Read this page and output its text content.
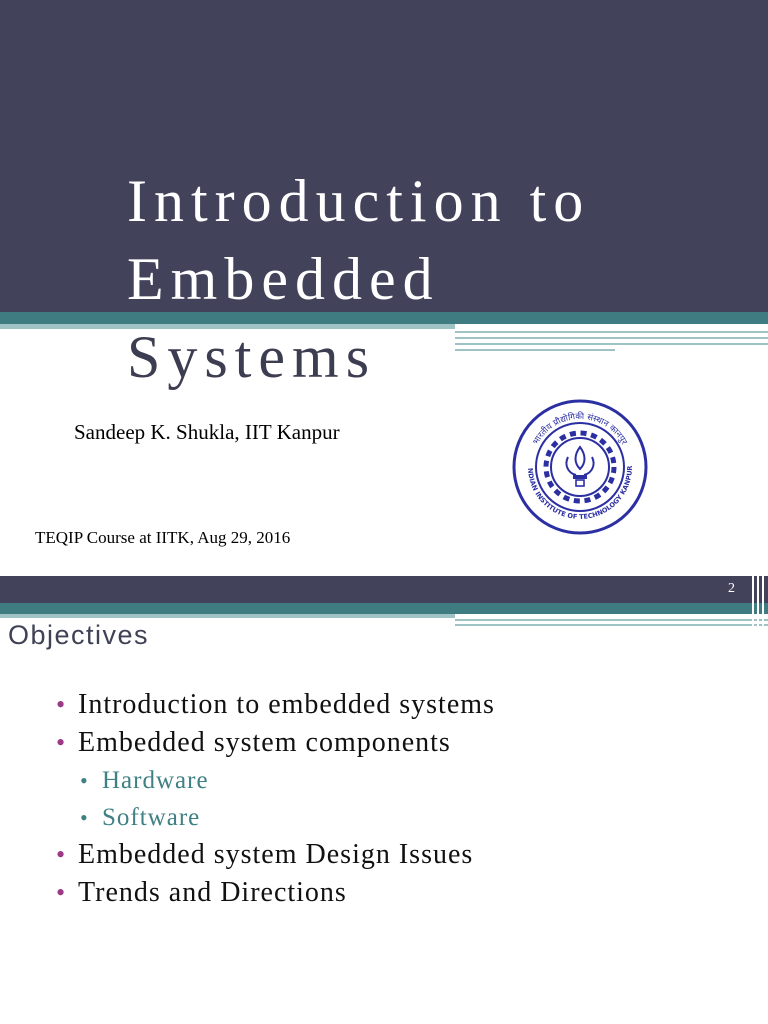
Introduction to
Embedded
Systems
Sandeep K. Shukla, IIT Kanpur	भारतीय प्रौद्योगिकी संस्थान कानपुर
NDIAN INSTITUTE OF TECHNOLOGY KANPUR
TEQIP Course at IITK, Aug 29, 2016
2
Objectives
• Introduction to embedded systems
• Embedded system components
• Hardware
• Software
• Embedded system Design Issues
• Trends and Directions
